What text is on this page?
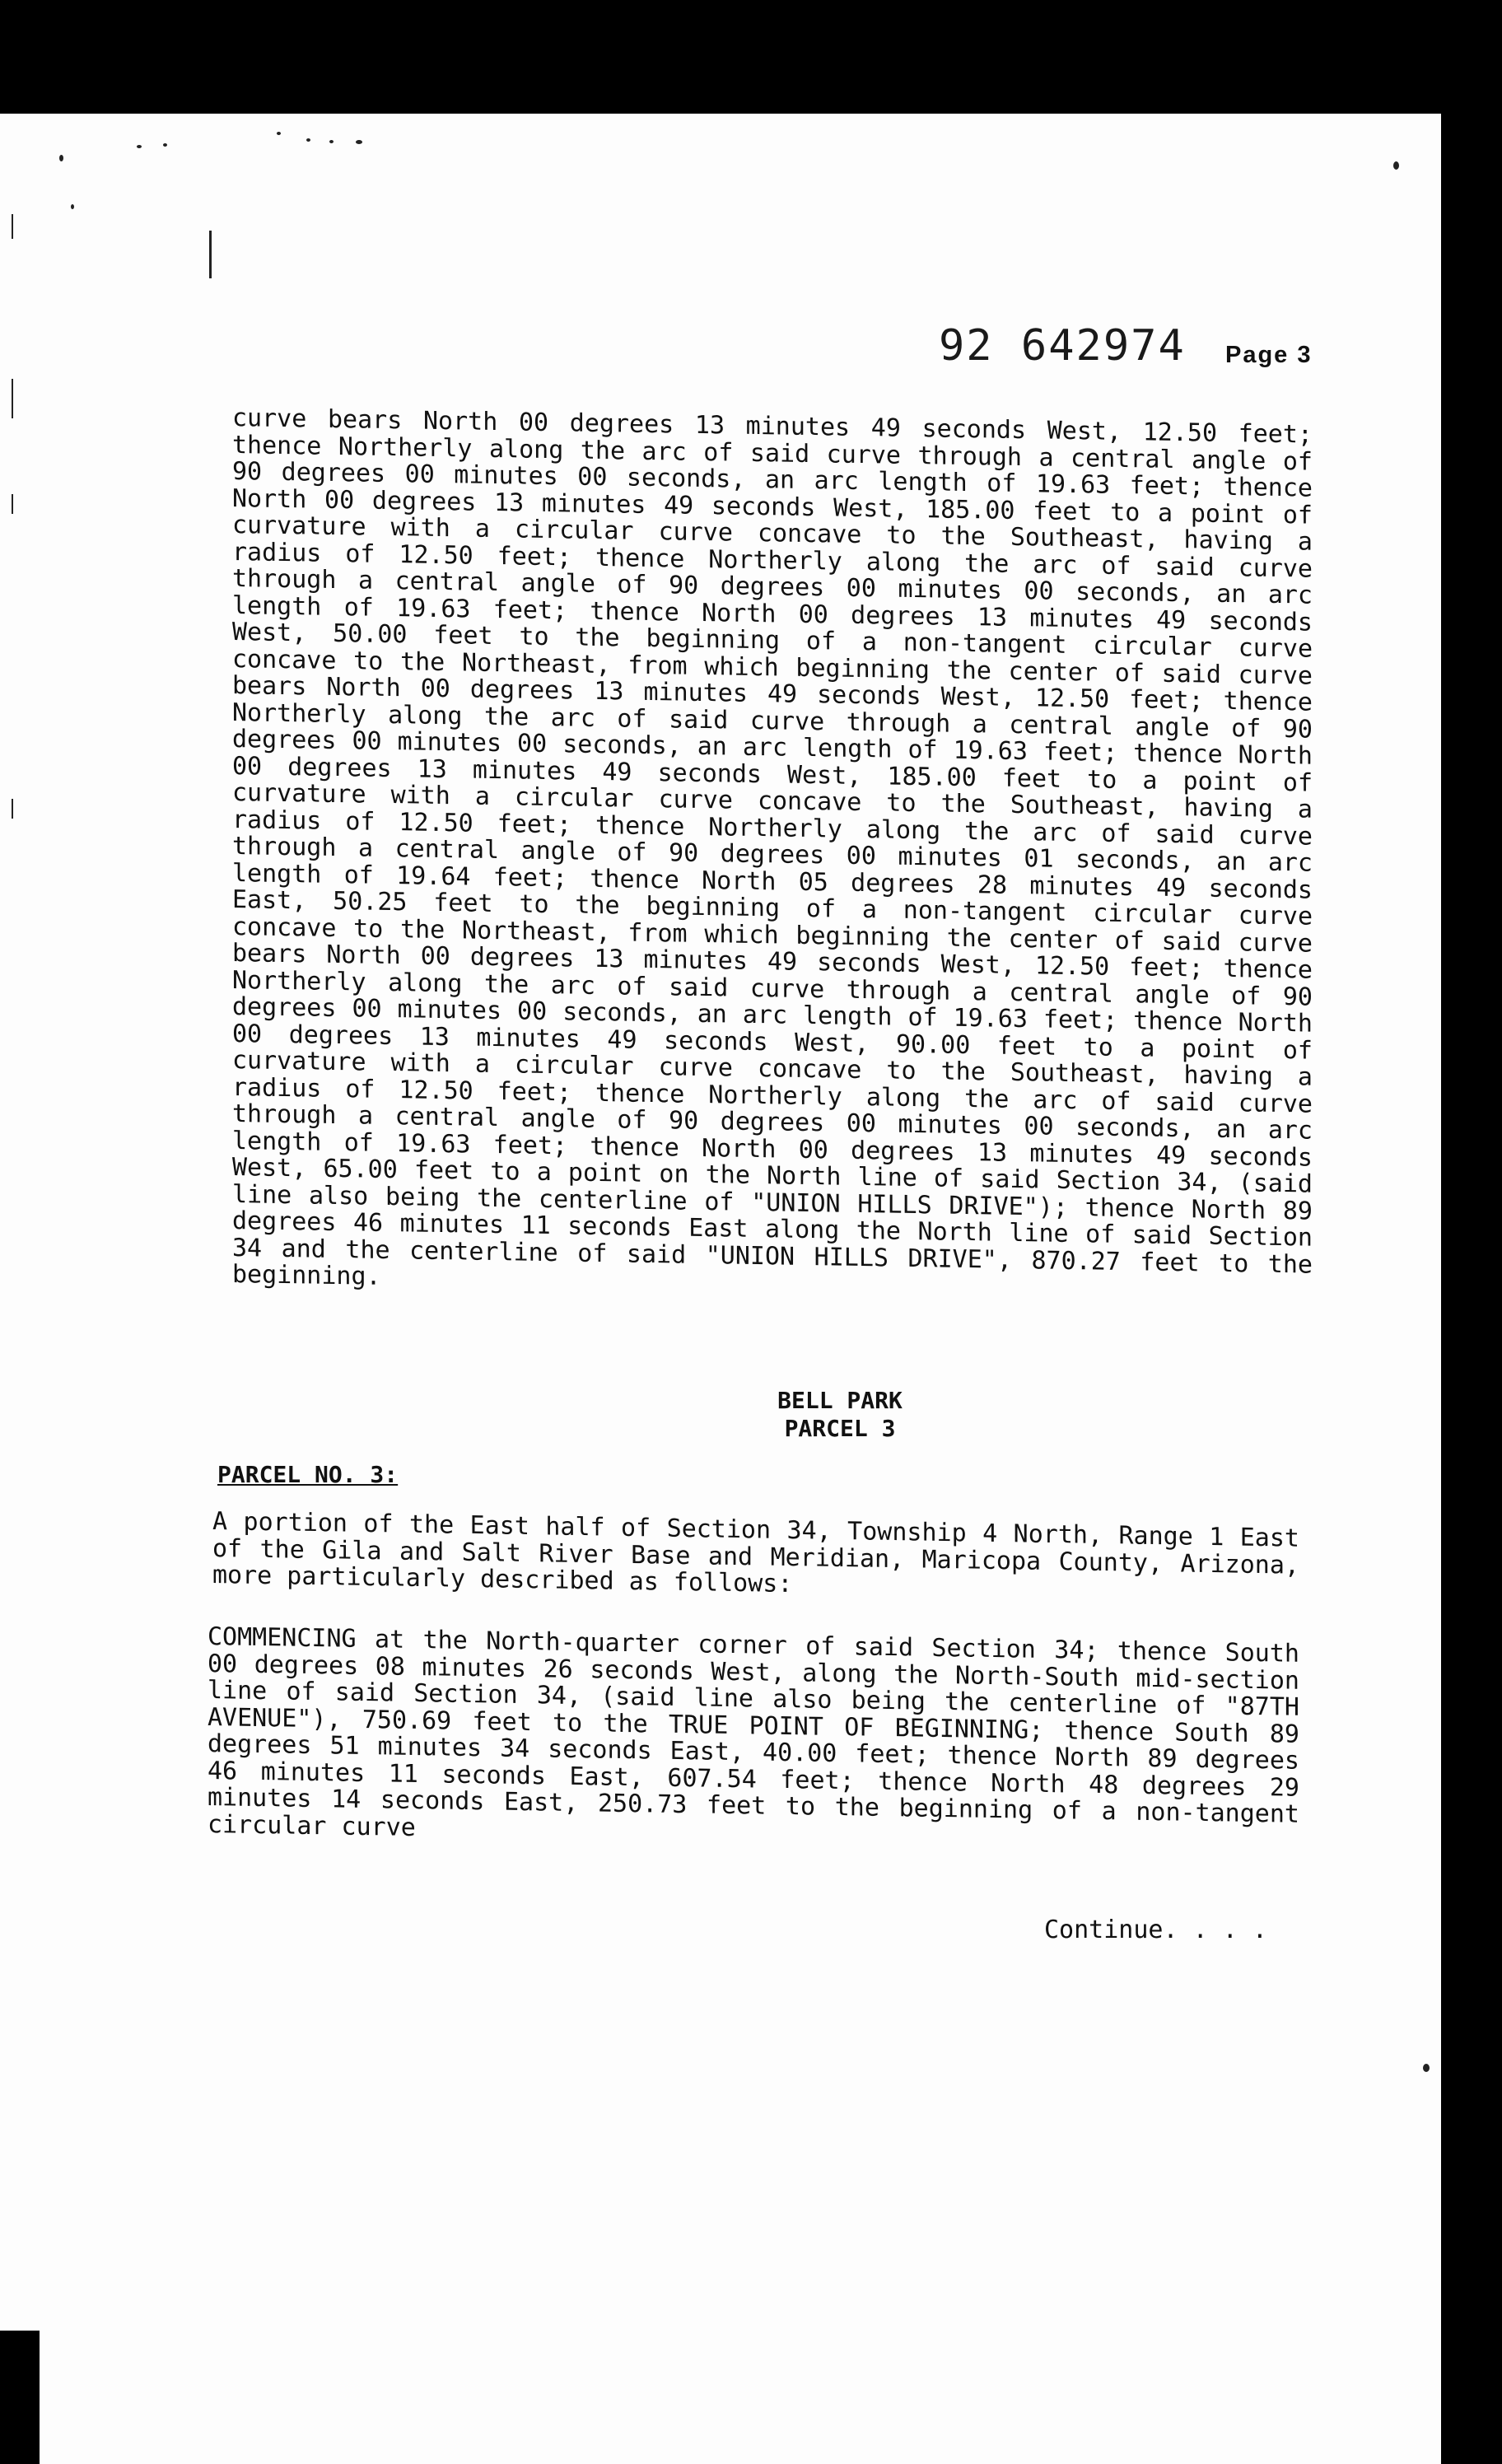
92 642974 Page 3
curve bears North 00 degrees 13 minutes 49 seconds West, 12.50 feet; thence Northerly along the arc of said curve through a central angle of 90 degrees 00 minutes 00 seconds, an arc length of 19.63 feet; thence North 00 degrees 13 minutes 49 seconds West, 185.00 feet to a point of curvature with a circular curve concave to the Southeast, having a radius of 12.50 feet; thence Northerly along the arc of said curve through a central angle of 90 degrees 00 minutes 00 seconds, an arc length of 19.63 feet; thence North 00 degrees 13 minutes 49 seconds West, 50.00 feet to the beginning of a non-tangent circular curve concave to the Northeast, from which beginning the center of said curve bears North 00 degrees 13 minutes 49 seconds West, 12.50 feet; thence Northerly along the arc of said curve through a central angle of 90 degrees 00 minutes 00 seconds, an arc length of 19.63 feet; thence North 00 degrees 13 minutes 49 seconds West, 185.00 feet to a point of curvature with a circular curve concave to the Southeast, having a radius of 12.50 feet; thence Northerly along the arc of said curve through a central angle of 90 degrees 00 minutes 01 seconds, an arc length of 19.64 feet; thence North 05 degrees 28 minutes 49 seconds East, 50.25 feet to the beginning of a non-tangent circular curve concave to the Northeast, from which beginning the center of said curve bears North 00 degrees 13 minutes 49 seconds West, 12.50 feet; thence Northerly along the arc of said curve through a central angle of 90 degrees 00 minutes 00 seconds, an arc length of 19.63 feet; thence North 00 degrees 13 minutes 49 seconds West, 90.00 feet to a point of curvature with a circular curve concave to the Southeast, having a radius of 12.50 feet; thence Northerly along the arc of said curve through a central angle of 90 degrees 00 minutes 00 seconds, an arc length of 19.63 feet; thence North 00 degrees 13 minutes 49 seconds West, 65.00 feet to a point on the North line of said Section 34, (said line also being the centerline of "UNION HILLS DRIVE"); thence North 89 degrees 46 minutes 11 seconds East along the North line of said Section 34 and the centerline of said "UNION HILLS DRIVE", 870.27 feet to the beginning.
BELL PARK
PARCEL 3
PARCEL NO. 3:
A portion of the East half of Section 34, Township 4 North, Range 1 East of the Gila and Salt River Base and Meridian, Maricopa County, Arizona, more particularly described as follows:
COMMENCING at the North-quarter corner of said Section 34; thence South 00 degrees 08 minutes 26 seconds West, along the North-South mid-section line of said Section 34, (said line also being the centerline of "87TH AVENUE"), 750.69 feet to the TRUE POINT OF BEGINNING; thence South 89 degrees 51 minutes 34 seconds East, 40.00 feet; thence North 89 degrees 46 minutes 11 seconds East, 607.54 feet; thence North 48 degrees 29 minutes 14 seconds East, 250.73 feet to the beginning of a non-tangent circular curve
Continue. . . .
